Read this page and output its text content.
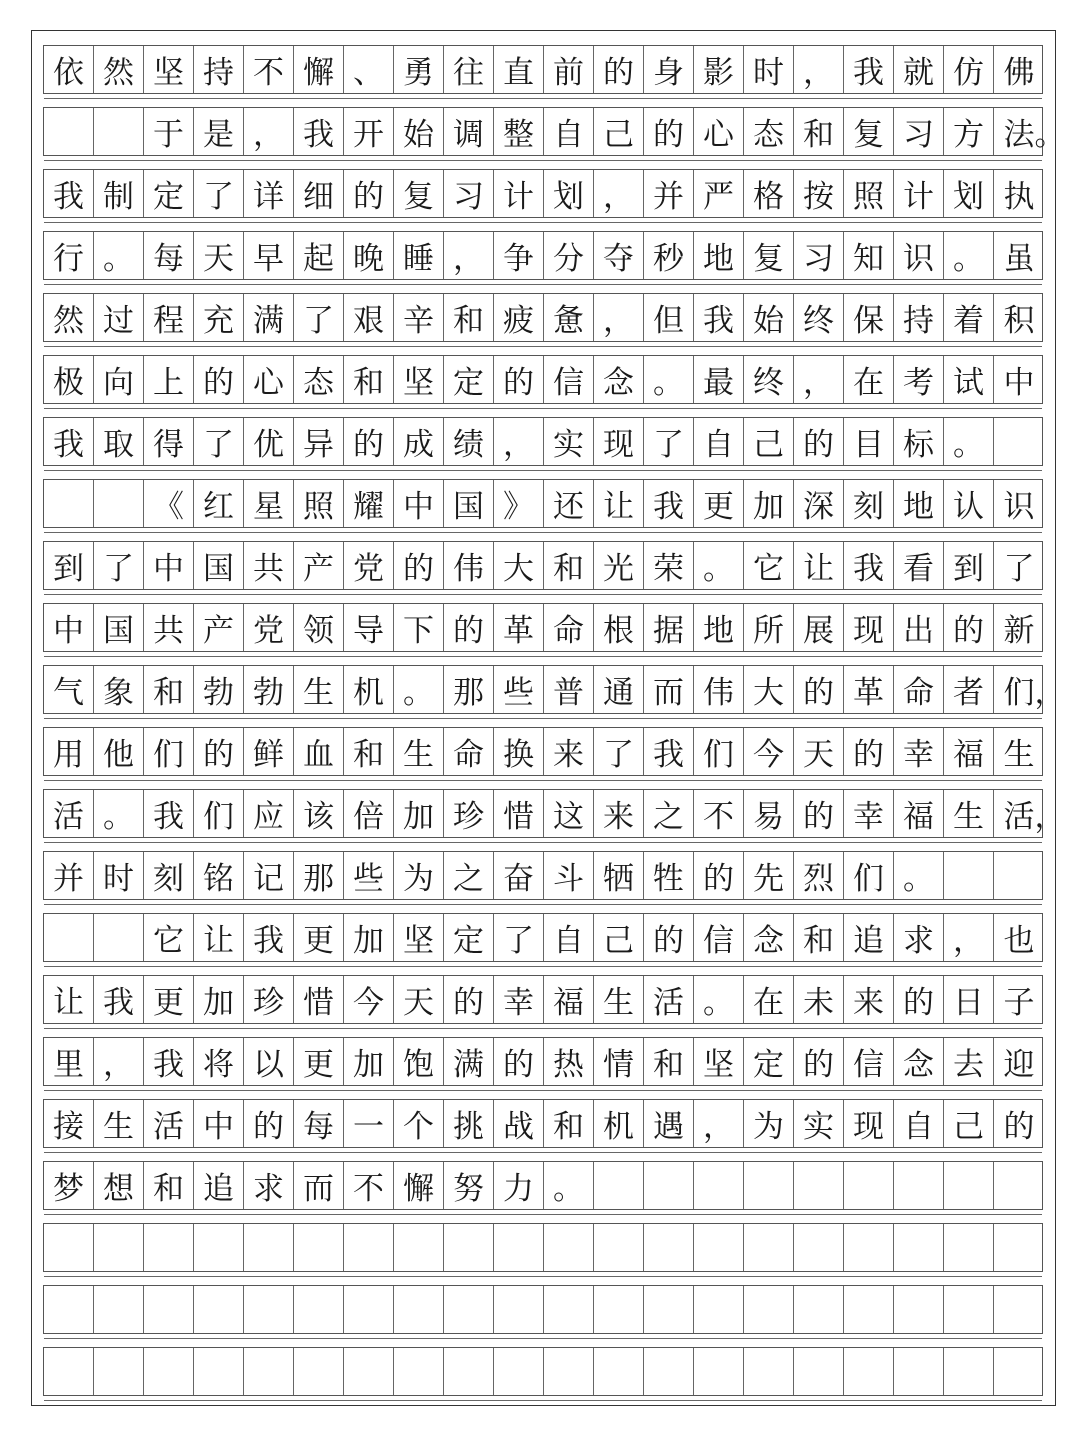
依 然 坚 持 不 懈 、 勇 往 直 前 的 身 影 时 ， 我 就 仿 佛
于 是 ， 我 开 始 调 整 自 己 的 心 态 和 复 习 方 法 。
我 制 定 了 详 细 的 复 习 计 划 ， 并 严 格 按 照 计 划 执
行 。 每 天 早 起 晚 睡 ， 争 分 夺 秒 地 复 习 知 识 。 虽
然 过 程 充 满 了 艰 辛 和 疲 惫 ， 但 我 始 终 保 持 着 积
极 向 上 的 心 态 和 坚 定 的 信 念 。 最 终 ， 在 考 试 中
我 取 得 了 优 异 的 成 绩 ， 实 现 了 自 己 的 目 标 。
《 红 星 照 耀 中 国 》 还 让 我 更 加 深 刻 地 认 识
到 了 中 国 共 产 党 的 伟 大 和 光 荣 。 它 让 我 看 到 了
中 国 共 产 党 领 导 下 的 革 命 根 据 地 所 展 现 出 的 新
气 象 和 勃 勃 生 机 。 那 些 普 通 而 伟 大 的 革 命 者 们 ，
用 他 们 的 鲜 血 和 生 命 换 来 了 我 们 今 天 的 幸 福 生
活 。 我 们 应 该 倍 加 珍 惜 这 来 之 不 易 的 幸 福 生 活 ，
并 时 刻 铭 记 那 些 为 之 奋 斗 牺 牲 的 先 烈 们 。
它 让 我 更 加 坚 定 了 自 己 的 信 念 和 追 求 ， 也
让 我 更 加 珍 惜 今 天 的 幸 福 生 活 。 在 未 来 的 日 子
里 ， 我 将 以 更 加 饱 满 的 热 情 和 坚 定 的 信 念 去 迎
接 生 活 中 的 每 一 个 挑 战 和 机 遇 ， 为 实 现 自 己 的
梦 想 和 追 求 而 不 懈 努 力 。
